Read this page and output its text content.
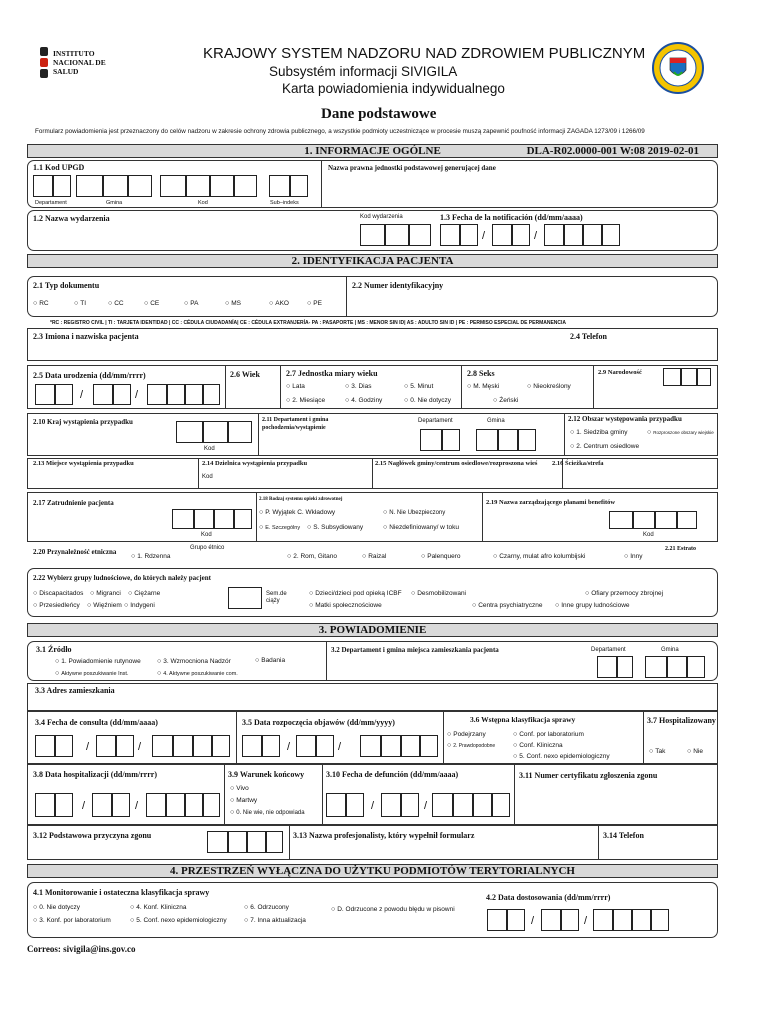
INSTITUTO
NACIONAL DE
SALUD
KRAJOWY SYSTEM NADZORU NAD ZDROWIEM PUBLICZNYM
Subsystém informacji SIVIGILA
Karta powiadomienia indywidualnego
Dane podstawowe
Formularz powiadomienia jest przeznaczony do celów nadzoru w zakresie ochrony zdrowia publicznego, a wszystkie podmioty uczestniczące w procesie muszą zapewnić poufność informacji ZAGADA 1273/09 i 1266/09
1. INFORMACJE OGÓLNE	DLA-R02.0000-001 W:08 2019-02-01
1.1 Kod UPGD
Departament	Gmina	Kod	Sub–indeks
Nazwa prawna jednostki podstawowej generującej dane
1.2 Nazwa wydarzenia	Kod wydarzenia	1.3 Fecha de la notificación (dd/mm/aaaa)
/	/
2. IDENTYFIKACJA PACJENTA
2.1 Typ dokumentu
○ RC	○ TI	○ CC	○ CE	○ PA	○ MS	○ AKO	○ PE
2.2 Numer identyfikacyjny
*RC : REGISTRO CIVIL | TI : TARJETA IDENTIDAD | CC : CÉDULA CIUDADANÍA| CE : CÉDULA EXTRANJERÍA- PA : PASAPORTE | MS : MENOR SIN ID| AS : ADULTO SIN ID | PE : PERMISO ESPECIAL DE PERMANENCIA
2.3 Imiona i nazwiska pacjenta	2.4 Telefon
2.5 Data urodzenia (dd/mm/rrrr)
/	/
2.6 Wiek	2.7 Jednostka miary wieku
○ Lata	○ 3. Dias	○ 5. Minut
○ 2. Miesiące	○ 4. Godziny	○ 0. Nie dotyczy
2.8 Seks
○ M. Męski	○ Nieokreślony
○ Żeński
2.9 Narodowość
2.10 Kraj wystąpienia przypadku
Kod
2.11 Departament i gmina pochodzenia/wystąpienie
Departament	Gmina	2.12 Obszar występowania przypadku
○ 1. Siedziba gminy
○ 2. Centrum osiedlowe
○ Rozproszone obszary wiejskie
2.13 Miejsce wystąpienia przypadku	2.14 Dzielnica wystąpienia przypadku
Kod
2.15 Nagłówek gminy/centrum osiedlowe/rozproszona wieś 2.16 Ścieżka/strefa
2.17 Zatrudnienie pacjenta
Kod
2.18 Rodzaj systemu opieki zdrowotnej
○ P. Wyjątek C. Wkładowy	○ N. Nie Ubezpieczony
○ E. Szczególny	○ S. Subsydiowany	○ Niezdefiniowany/ w toku
2.19 Nazwa zarządzającego planami benefitów
Kod
2.20 Przynależność etniczna	Grupo étnico
○ 1. Rdzenna	○ 2. Rom, Gitano	○ Raizal	○ Palenquero	○ Czarny, mulat afro kolumbijski	○ Inny
2.21 Estrato
2.22 Wybierz grupy ludnościowe, do których należy pacjent
○ Discapacitados	○ Migranci	○ Ciężarne
○ Przesiedleńcy	○ Więźniem	○ Indygeni
Sem.de ciąży
○ Dzieci/dzieci pod opieką ICBF	○ Desmobilizowani
○ Matki społecznościowe	○ Centra psychiatryczne	○ Inne grupy ludnościowe
○ Ofiary przemocy zbrojnej
3. POWIADOMIENIE
3.1 Źródło
○ 1. Powiadomienie rutynowe	○ 3. Wzmocniona Nadzór	○ Badania
○ Aktywne poszukiwanie Inst.	○ 4. Aktywne poszukiwanie com.
3.2 Departament i gmina miejsca zamieszkania pacjenta	Departament	Gmina
3.3 Adres zamieszkania
3.4 Fecha de consulta (dd/mm/aaaa)
/	/
3.5 Data rozpoczęcia objawów (dd/mm/yyyy)
/	/
3.6 Wstępna klasyfikacja sprawy
○ Podejrzany	○ Conf. por laboratorium
○ 2. Prawdopodobne	○ Conf. Kliniczna
○ 5. Conf. nexo epidemiologiczny
3.7 Hospitalizowany
○ Tak	○ Nie
3.8 Data hospitalizacji (dd/mm/rrrr)
/	/
3.9 Warunek końcowy
○ Vivo
○ Martwy
○ 0. Nie wie, nie odpowiada
3.10 Fecha de defunción (dd/mm/aaaa)
/	/
3.11 Numer certyfikatu zgłoszenia zgonu
3.12 Podstawowa przyczyna zgonu	3.13 Nazwa profesjonalisty, który wypełnił formularz	3.14 Telefon
4. PRZESTRZEŃ WYŁĄCZNA DO UŻYTKU PODMIOTÓW TERYTORIALNYCH
4.1 Monitorowanie i ostateczna klasyfikacja sprawy
○ 0. Nie dotyczy	○ 4. Konf. Kliniczna	○ 6. Odrzucony	○ D. Odrzucone z powodu błędu w pisowni
○ 3. Konf. por laboratorium	○ 5. Conf. nexo epidemiologiczny	○ 7. Inna aktualizacja
4.2 Data dostosowania (dd/mm/rrrr)
/	/
Correos: sivigila@ins.gov.co
